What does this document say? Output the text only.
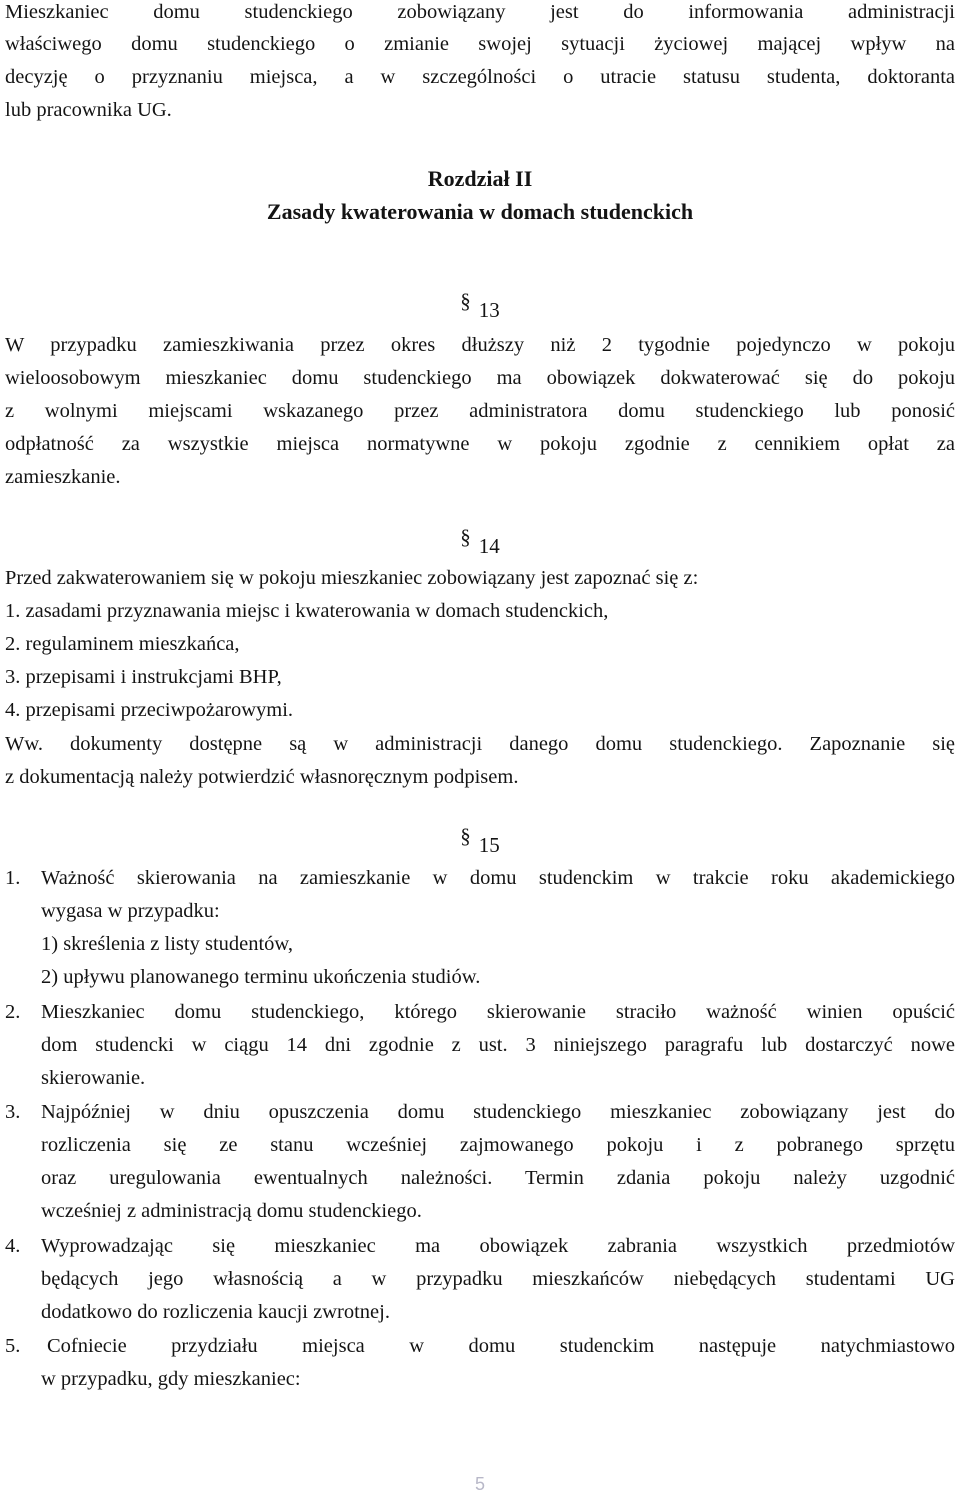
Mieszkaniec domu studenckiego zobowiązany jest do informowania administracji
właściwego domu studenckiego o zmianie swojej sytuacji życiowej mającej wpływ na
decyzję o przyznaniu miejsca, a w szczególności o utracie statusu studenta, doktoranta
lub pracownika UG.
Rozdział II
Zasady kwaterowania w domach studenckich
§ 13
W przypadku zamieszkiwania przez okres dłuższy niż 2 tygodnie pojedynczo w pokoju
wieloosobowym mieszkaniec domu studenckiego ma obowiązek dokwaterować się do pokoju
z wolnymi miejscami wskazanego przez administratora domu studenckiego lub ponosić
odpłatność za wszystkie miejsca normatywne w pokoju zgodnie z cennikiem opłat za
zamieszkanie.
§ 14
Przed zakwaterowaniem się w pokoju mieszkaniec zobowiązany jest zapoznać się z:
1. zasadami przyznawania miejsc i kwaterowania w domach studenckich,
2. regulaminem mieszkańca,
3. przepisami i instrukcjami BHP,
4. przepisami przeciwpożarowymi.
Ww. dokumenty dostępne są w administracji danego domu studenckiego. Zapoznanie się
z dokumentacją należy potwierdzić własnoręcznym podpisem.
§ 15
1. Ważność skierowania na zamieszkanie w domu studenckim w trakcie roku akademickiego
wygasa w przypadku:
1) skreślenia z listy studentów,
2) upływu planowanego terminu ukończenia studiów.
2. Mieszkaniec domu studenckiego, którego skierowanie straciło ważność winien opuścić
dom studencki w ciągu 14 dni zgodnie z ust. 3 niniejszego paragrafu lub dostarczyć nowe
skierowanie.
3. Najpóźniej w dniu opuszczenia domu studenckiego mieszkaniec zobowiązany jest do
rozliczenia się ze stanu wcześniej zajmowanego pokoju i z pobranego sprzętu
oraz uregulowania ewentualnych należności. Termin zdania pokoju należy uzgodnić
wcześniej z administracją domu studenckiego.
4. Wyprowadzając się mieszkaniec ma obowiązek zabrania wszystkich przedmiotów
będących jego własnością a w przypadku mieszkańców niebędących studentami UG
dodatkowo do rozliczenia kaucji zwrotnej.
5. Cofniecie przydziału miejsca w domu studenckim następuje natychmiastowo
w przypadku, gdy mieszkaniec:
5
